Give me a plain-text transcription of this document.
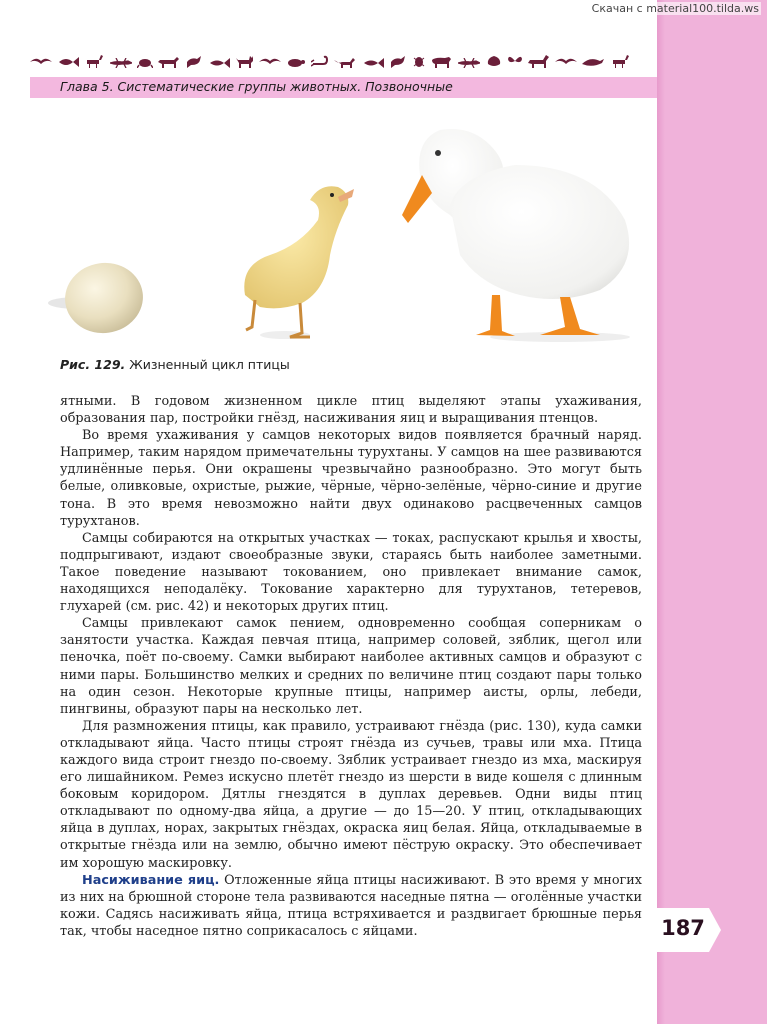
Скачан с material100.tilda.ws
Глава 5. Систематические группы животных. Позвоночные
Рис. 129. Жизненный цикл птицы

ятными. В годовом жизненном цикле птиц выделяют этапы ухаживания, образования пар, постройки гнёзд, насиживания яиц и выращивания птенцов.

Во время ухаживания у самцов некоторых видов появляется брачный наряд. Например, таким нарядом примечательны турухтаны. У самцов на шее развиваются удлинённые перья. Они окрашены чрезвычайно разнообразно. Это могут быть белые, оливковые, охристые, рыжие, чёрные, чёрно-зелёные, чёрно-синие и другие тона. В это время невозможно найти двух одинаково расцвеченных самцов турухтанов.

Самцы собираются на открытых участках — токах, распускают крылья и хвосты, подпрыгивают, издают своеобразные звуки, стараясь быть наиболее заметными. Такое поведение называют токованием, оно привлекает внимание самок, находящихся неподалёку. Токование характерно для турухтанов, тетеревов, глухарей (см. рис. 42) и некоторых других птиц.

Самцы привлекают самок пением, одновременно сообщая соперникам о занятости участка. Каждая певчая птица, например соловей, зяблик, щегол или пеночка, поёт по-своему. Самки выбирают наиболее активных самцов и образуют с ними пары. Большинство мелких и средних по величине птиц создают пары только на один сезон. Некоторые крупные птицы, например аисты, орлы, лебеди, пингвины, образуют пары на несколько лет.

Для размножения птицы, как правило, устраивают гнёзда (рис. 130), куда самки откладывают яйца. Часто птицы строят гнёзда из сучьев, травы или мха. Птица каждого вида строит гнездо по-своему. Зяблик устраивает гнездо из мха, маскируя его лишайником. Ремез искусно плетёт гнездо из шерсти в виде кошеля с длинным боковым коридором. Дятлы гнездятся в дуплах деревьев. Одни виды птиц откладывают по одному-два яйца, а другие — до 15—20. У птиц, откладывающих яйца в дуплах, норах, закрытых гнёздах, окраска яиц белая. Яйца, откладываемые в открытые гнёзда или на землю, обычно имеют пёструю окраску. Это обеспечивает им хорошую маскировку.

Насиживание яиц. Отложенные яйца птицы насиживают. В это время у многих из них на брюшной стороне тела развиваются наседные пятна — оголённые участки кожи. Садясь насиживать яйца, птица встряхивается и раздвигает брюшные перья так, чтобы наседное пятно соприкасалось с яйцами.	187
